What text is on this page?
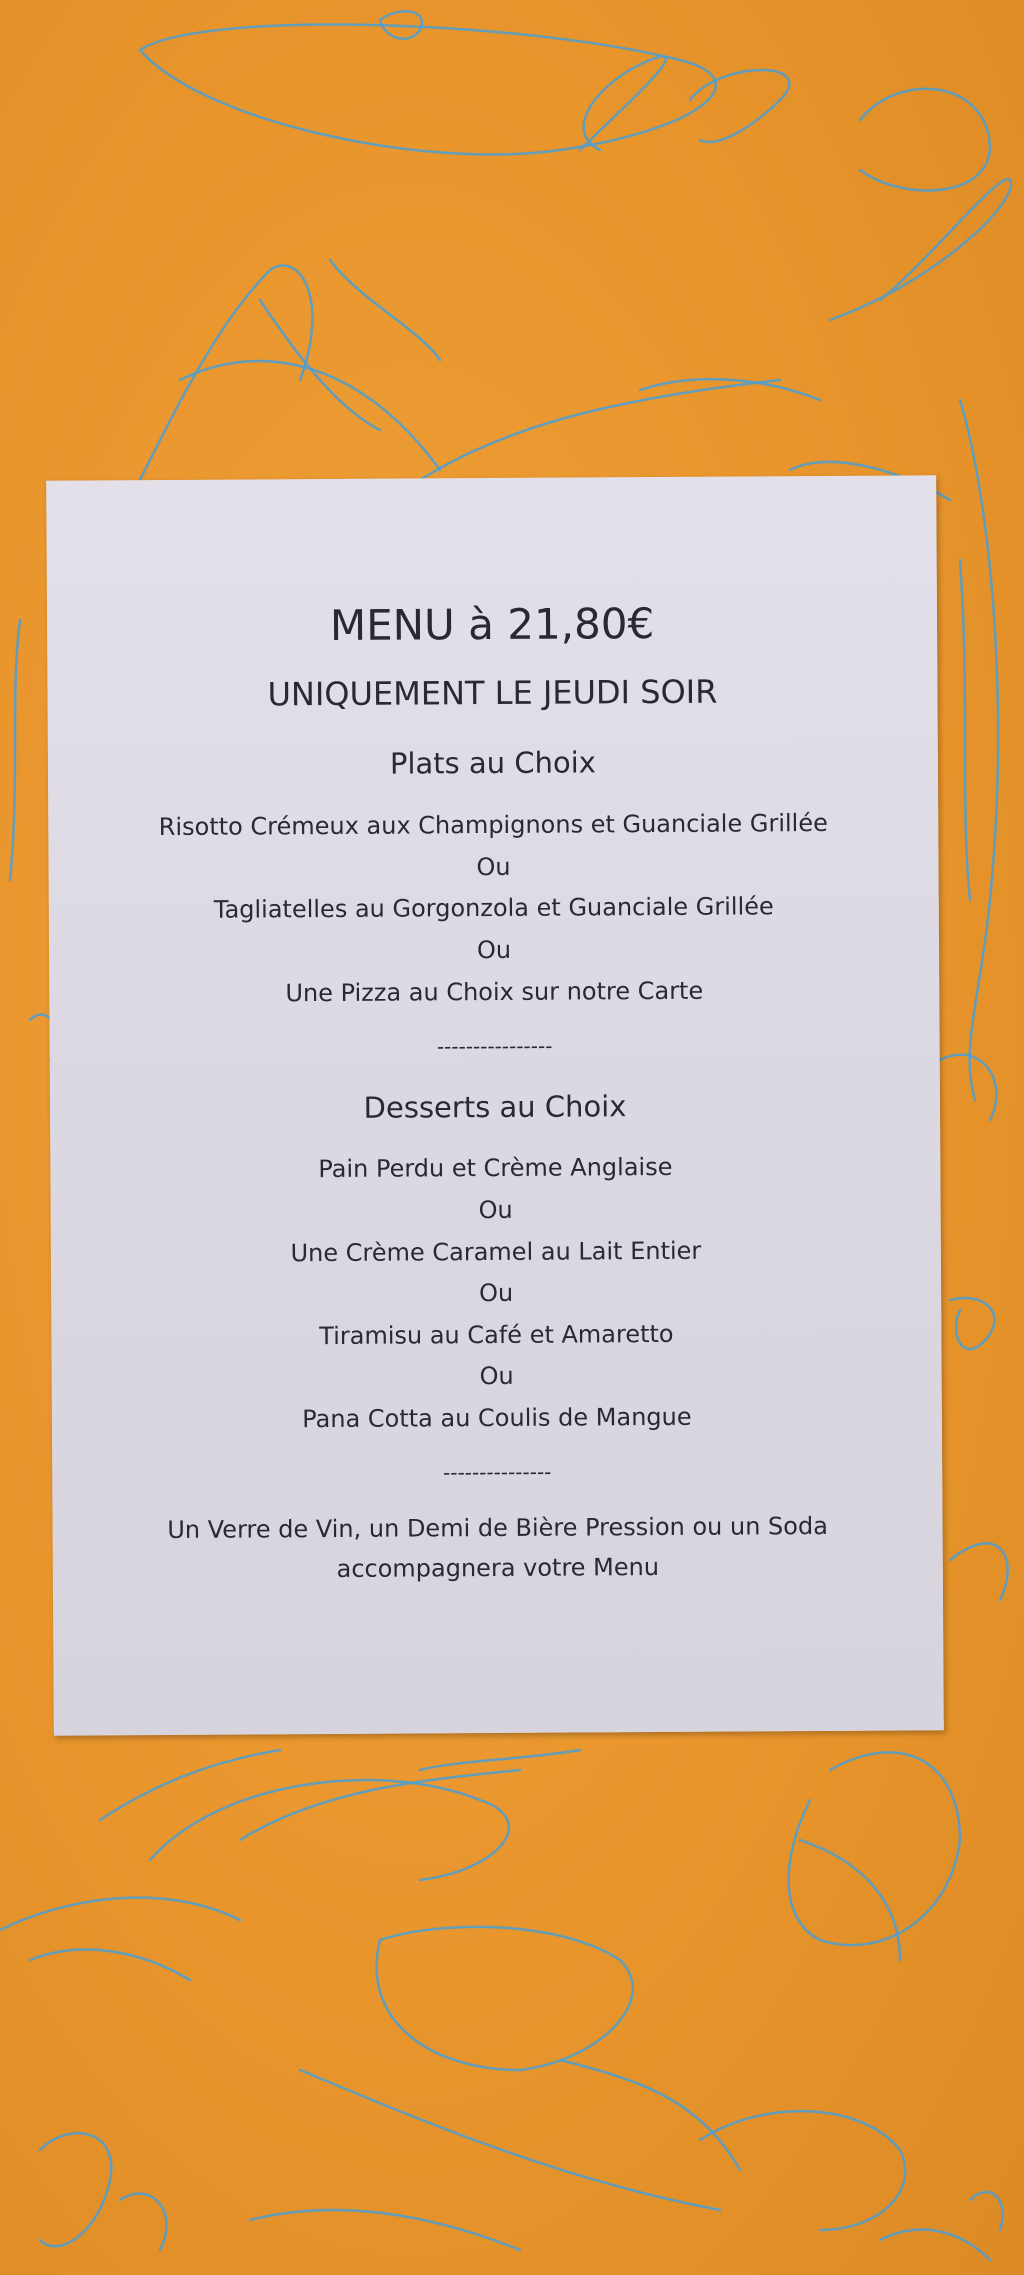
MENU à 21,80€
UNIQUEMENT LE JEUDI SOIR
Plats au Choix
Risotto Crémeux aux Champignons et Guanciale Grillée
Ou
Tagliatelles au Gorgonzola et Guanciale Grillée
Ou
Une Pizza au Choix sur notre Carte
----------------
Desserts au Choix
Pain Perdu et Crème Anglaise
Ou
Une Crème Caramel au Lait Entier
Ou
Tiramisu au Café et Amaretto
Ou
Pana Cotta au Coulis de Mangue
---------------
Un Verre de Vin, un Demi de Bière Pression ou un Soda
accompagnera votre Menu
